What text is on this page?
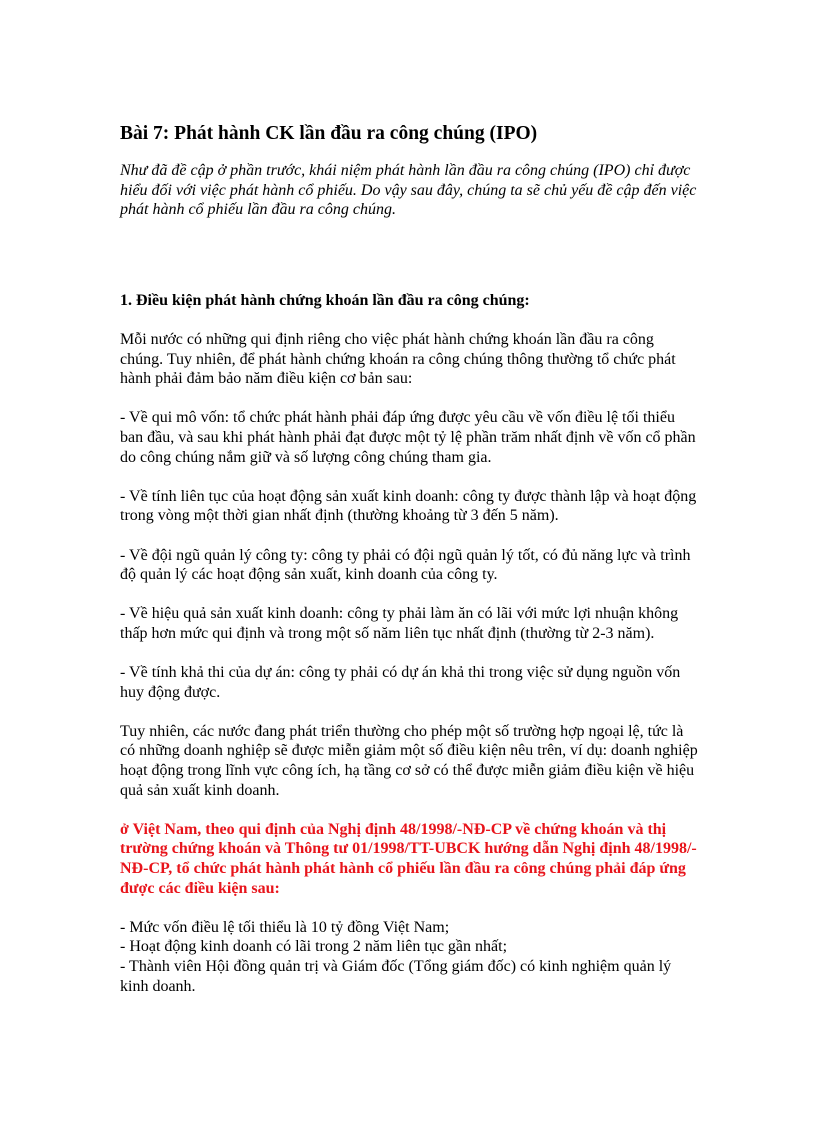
Bài 7: Phát hành CK lần đầu ra công chúng (IPO)

Như đã đề cập ở phần trước, khái niệm phát hành lần đầu ra công chúng (IPO) chỉ được hiểu đối với việc phát hành cổ phiếu. Do vậy sau đây, chúng ta sẽ chủ yếu đề cập đến việc phát hành cổ phiếu lần đầu ra công chúng.

1. Điều kiện phát hành chứng khoán lần đầu ra công chúng:

Mỗi nước có những qui định riêng cho việc phát hành chứng khoán lần đầu ra công chúng. Tuy nhiên, để phát hành chứng khoán ra công chúng thông thường tổ chức phát hành phải đảm bảo năm điều kiện cơ bản sau:

- Về qui mô vốn: tổ chức phát hành phải đáp ứng được yêu cầu về vốn điều lệ tối thiểu ban đầu, và sau khi phát hành phải đạt được một tỷ lệ phần trăm nhất định về vốn cổ phần do công chúng nắm giữ và số lượng công chúng tham gia.

- Về tính liên tục của hoạt động sản xuất kinh doanh: công ty được thành lập và hoạt động trong vòng một thời gian nhất định (thường khoảng từ 3 đến 5 năm).

- Về đội ngũ quản lý công ty: công ty phải có đội ngũ quản lý tốt, có đủ năng lực và trình độ quản lý các hoạt động sản xuất, kinh doanh của công ty.

- Về hiệu quả sản xuất kinh doanh: công ty phải làm ăn có lãi với mức lợi nhuận không thấp hơn mức qui định và trong một số năm liên tục nhất định (thường từ 2-3 năm).

- Về tính khả thi của dự án: công ty phải có dự án khả thi trong việc sử dụng nguồn vốn huy động được.

Tuy nhiên, các nước đang phát triển thường cho phép một số trường hợp ngoại lệ, tức là có những doanh nghiệp sẽ được miễn giảm một số điều kiện nêu trên, ví dụ: doanh nghiệp hoạt động trong lĩnh vực công ích, hạ tầng cơ sở có thể được miễn giảm điều kiện về hiệu quả sản xuất kinh doanh.

ở Việt Nam, theo qui định của Nghị định 48/1998/-NĐ-CP về chứng khoán và thị trường chứng khoán và Thông tư 01/1998/TT-UBCK hướng dẫn Nghị định 48/1998/-NĐ-CP, tổ chức phát hành phát hành cổ phiếu lần đầu ra công chúng phải đáp ứng được các điều kiện sau:

- Mức vốn điều lệ tối thiểu là 10 tỷ đồng Việt Nam;

- Hoạt động kinh doanh có lãi trong 2 năm liên tục gần nhất;

- Thành viên Hội đồng quản trị và Giám đốc (Tổng giám đốc) có kinh nghiệm quản lý kinh doanh.
